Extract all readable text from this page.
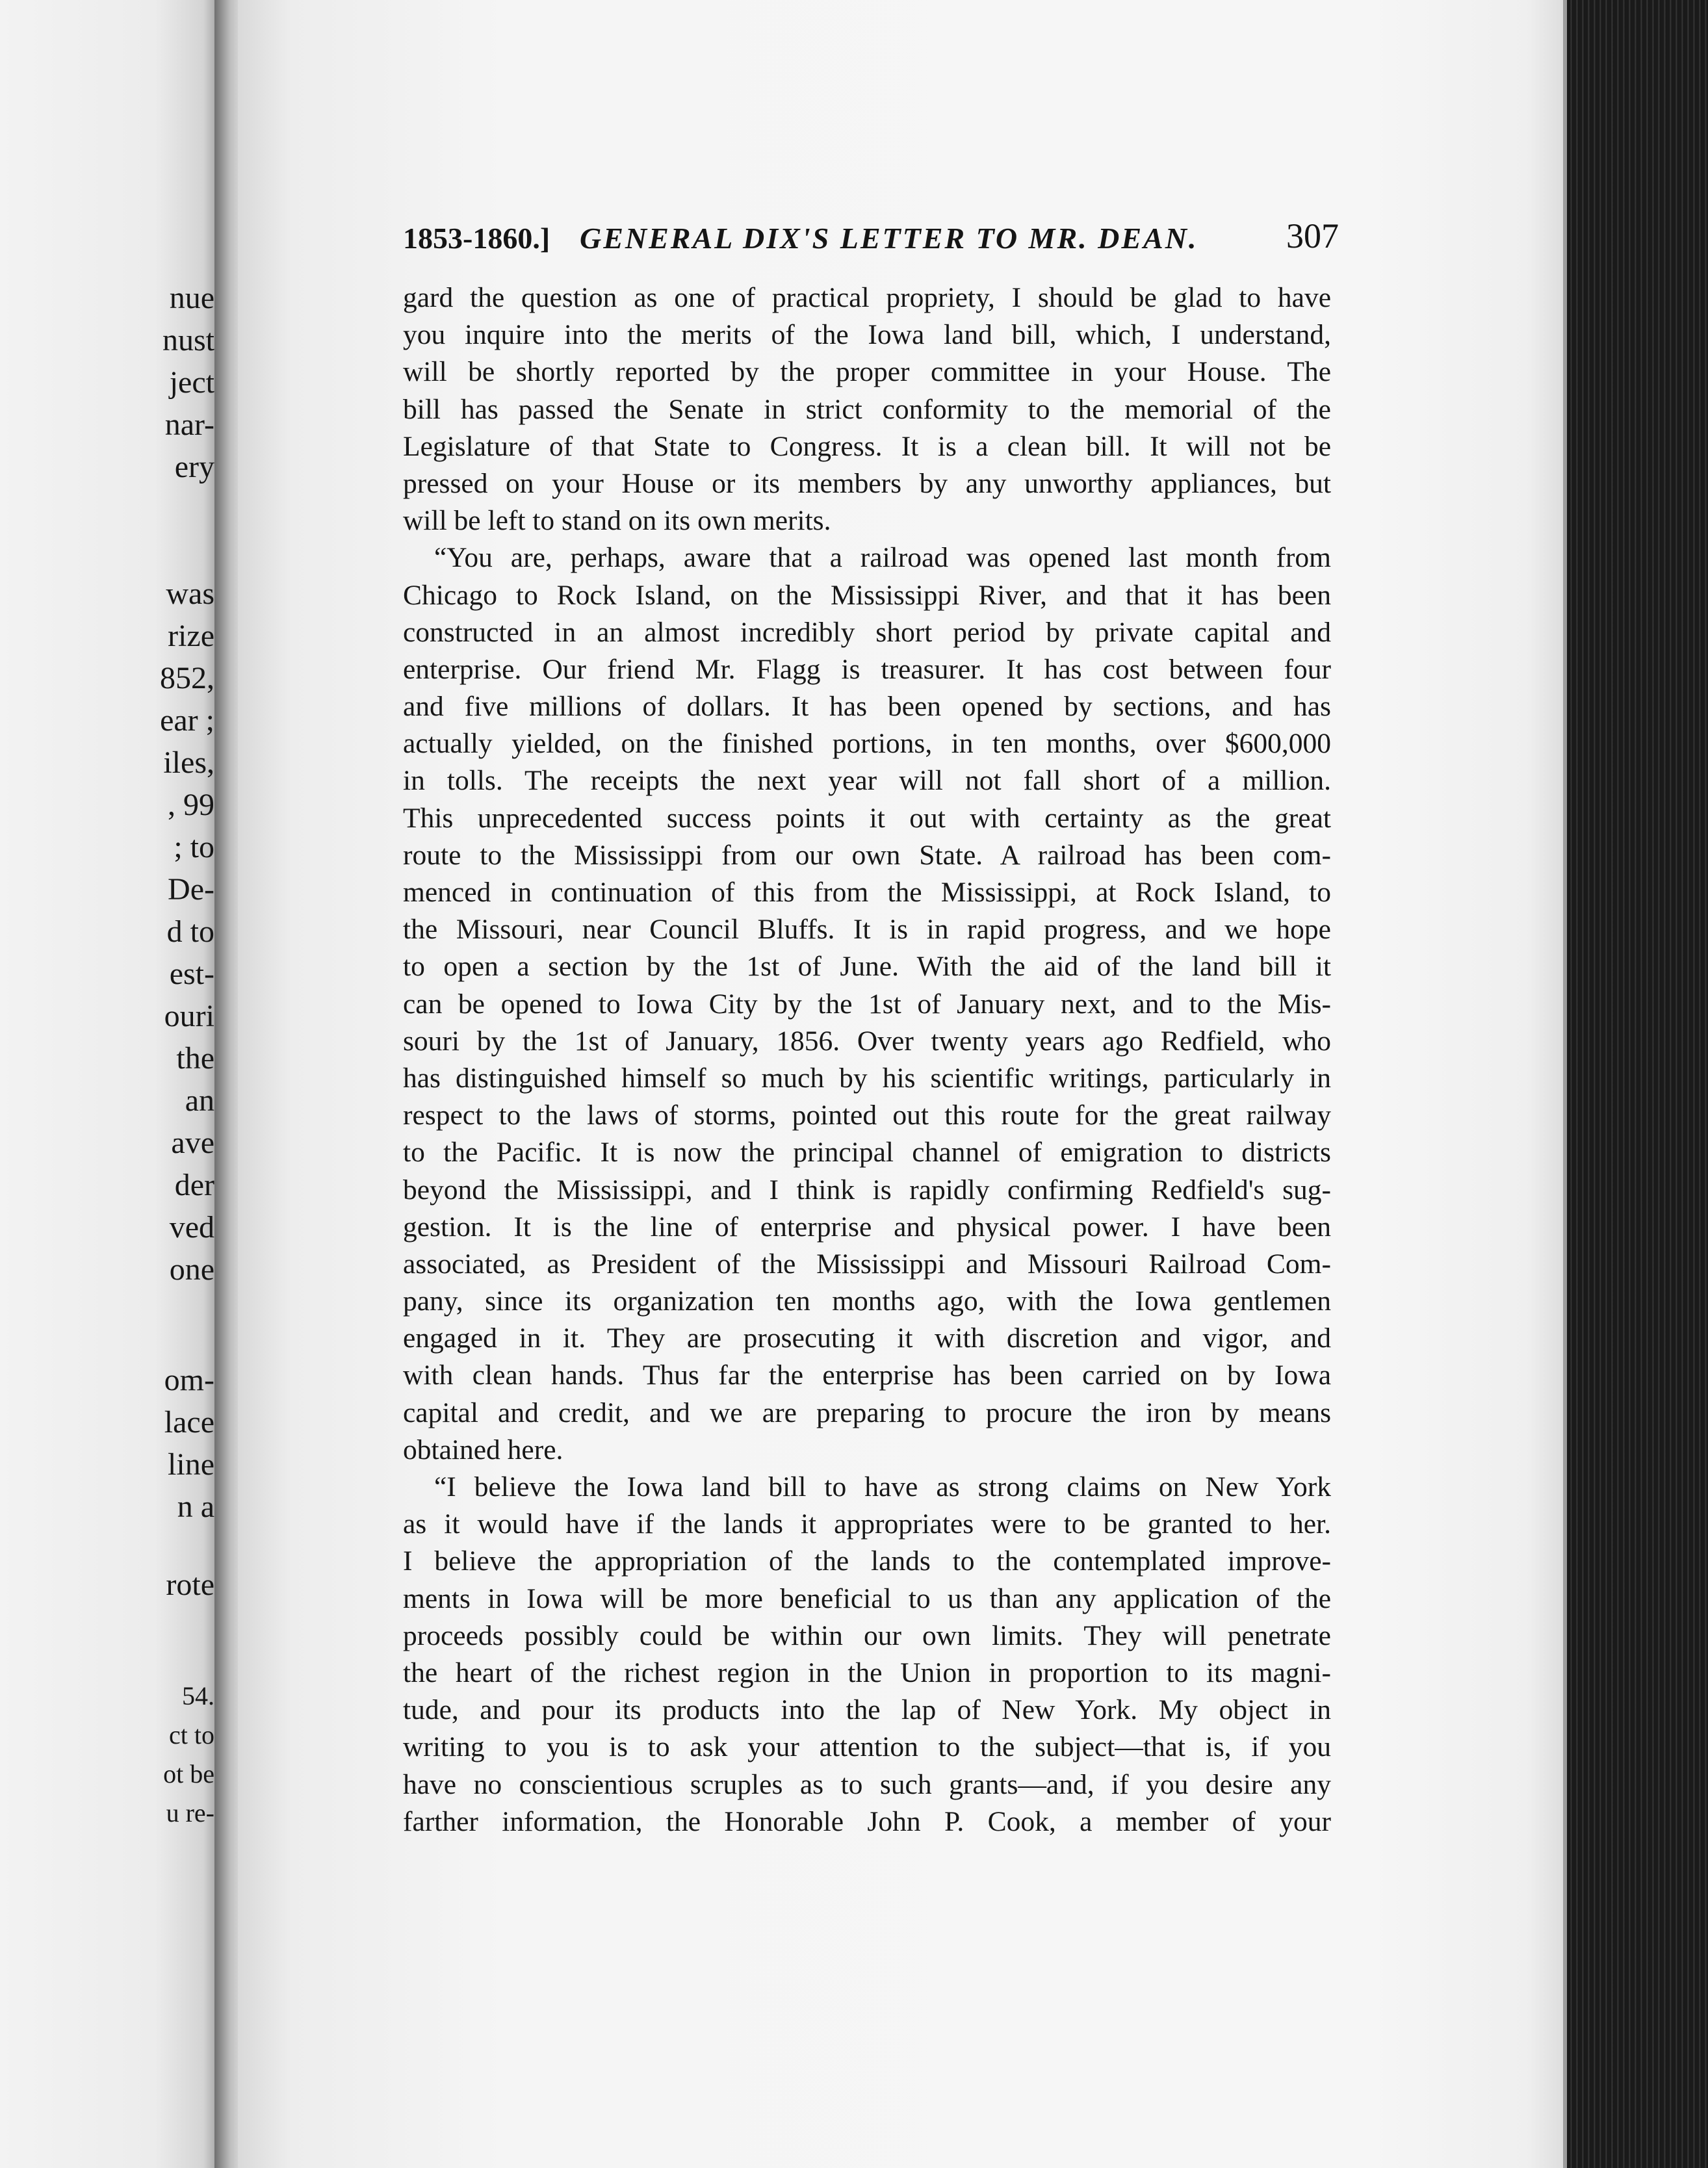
nue
nust
ject
nar-
ery
was
rize
852,
ear ;
iles,
, 99
; to
De-
d to
est-
ouri
the
an
ave
der
ved
one
om-
lace
line
n a
rote
54.
ct to
ot be
u re-
1853-1860.] GENERAL DIX'S LETTER TO MR. DEAN.	307
gard the question as one of practical propriety, I should be glad to have
you inquire into the merits of the Iowa land bill, which, I understand,
will be shortly reported by the proper committee in your House. The
bill has passed the Senate in strict conformity to the memorial of the
Legislature of that State to Congress. It is a clean bill. It will not be
pressed on your House or its members by any unworthy appliances, but
will be left to stand on its own merits.
“You are, perhaps, aware that a railroad was opened last month from
Chicago to Rock Island, on the Mississippi River, and that it has been
constructed in an almost incredibly short period by private capital and
enterprise. Our friend Mr. Flagg is treasurer. It has cost between four
and five millions of dollars. It has been opened by sections, and has
actually yielded, on the finished portions, in ten months, over $600,000
in tolls. The receipts the next year will not fall short of a million.
This unprecedented success points it out with certainty as the great
route to the Mississippi from our own State. A railroad has been com-
menced in continuation of this from the Mississippi, at Rock Island, to
the Missouri, near Council Bluffs. It is in rapid progress, and we hope
to open a section by the 1st of June. With the aid of the land bill it
can be opened to Iowa City by the 1st of January next, and to the Mis-
souri by the 1st of January, 1856. Over twenty years ago Redfield, who
has distinguished himself so much by his scientific writings, particularly in
respect to the laws of storms, pointed out this route for the great railway
to the Pacific. It is now the principal channel of emigration to districts
beyond the Mississippi, and I think is rapidly confirming Redfield's sug-
gestion. It is the line of enterprise and physical power. I have been
associated, as President of the Mississippi and Missouri Railroad Com-
pany, since its organization ten months ago, with the Iowa gentlemen
engaged in it. They are prosecuting it with discretion and vigor, and
with clean hands. Thus far the enterprise has been carried on by Iowa
capital and credit, and we are preparing to procure the iron by means
obtained here.
“I believe the Iowa land bill to have as strong claims on New York
as it would have if the lands it appropriates were to be granted to her.
I believe the appropriation of the lands to the contemplated improve-
ments in Iowa will be more beneficial to us than any application of the
proceeds possibly could be within our own limits. They will penetrate
the heart of the richest region in the Union in proportion to its magni-
tude, and pour its products into the lap of New York. My object in
writing to you is to ask your attention to the subject—that is, if you
have no conscientious scruples as to such grants—and, if you desire any
farther information, the Honorable John P. Cook, a member of your
